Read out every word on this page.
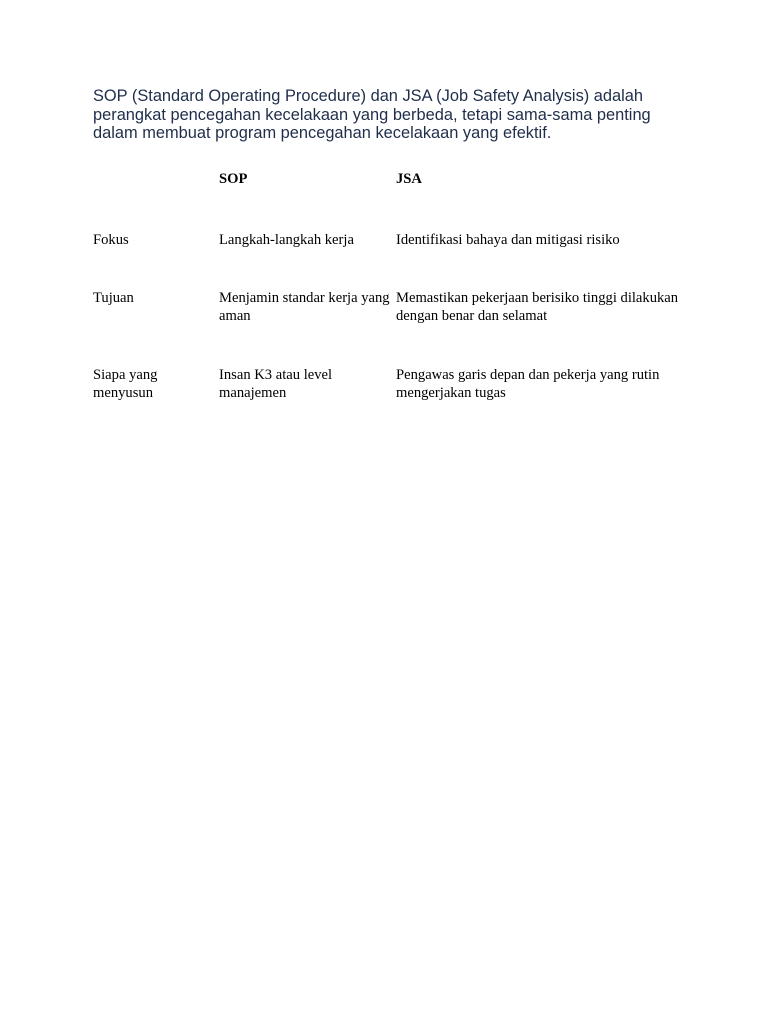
SOP (Standard Operating Procedure) dan JSA (Job Safety Analysis) adalah perangkat pencegahan kecelakaan yang berbeda, tetapi sama-sama penting dalam membuat program pencegahan kecelakaan yang efektif.

	SOP	JSA
Fokus	Langkah-langkah kerja	Identifikasi bahaya dan mitigasi risiko
Tujuan	Menjamin standar kerja yang aman	Memastikan pekerjaan berisiko tinggi dilakukan dengan benar dan selamat
Siapa yang menyusun	Insan K3 atau level manajemen	Pengawas garis depan dan pekerja yang rutin mengerjakan tugas
